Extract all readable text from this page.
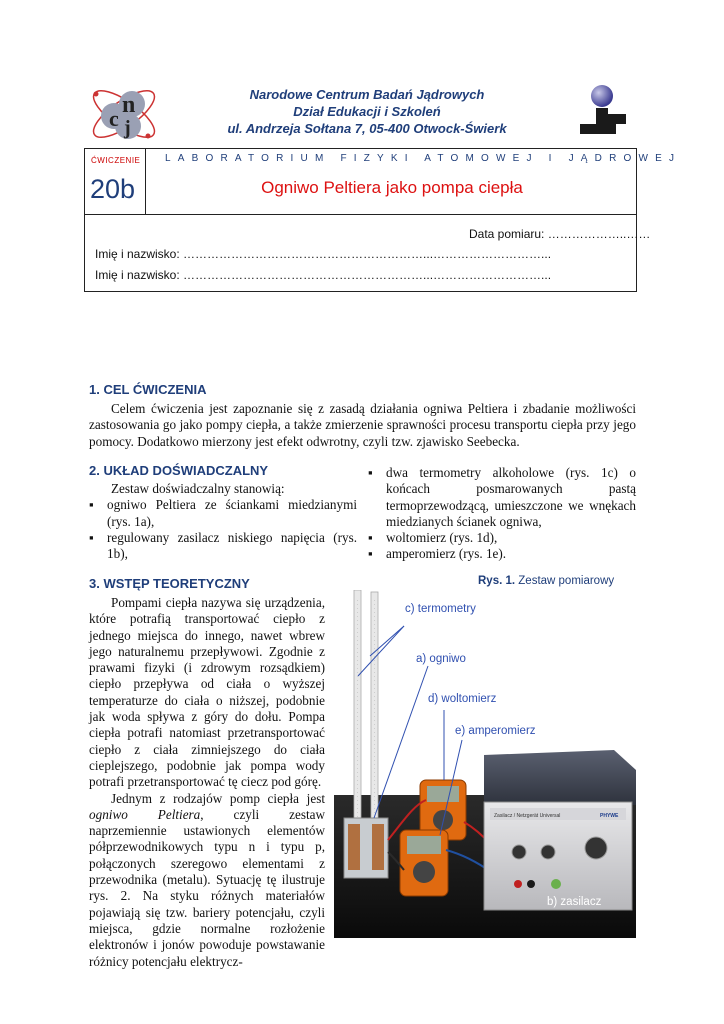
n
c j
Narodowe Centrum Badań Jądrowych
Dział Edukacji i Szkoleń
ul. Andrzeja Sołtana 7, 05-400 Otwock-Świerk
ĆWICZENIE
20b
LABORATORIUM FIZYKI ATOMOWEJ I JĄDROWEJ
Ogniwo Peltiera jako pompa ciepła
Data pomiaru: ………………..……
Imię i nazwisko: ……………………………………………………...………………………...
Imię i nazwisko: ……………………………………………………...………………………...
1. CEL ĆWICZENIA

Celem ćwiczenia jest zapoznanie się z zasadą działania ogniwa Peltiera i zbadanie możliwości zastosowania go jako pompy ciepła, a także zmierzenie sprawności procesu transportu ciepła przy jego pomocy. Dodatkowo mierzony jest efekt odwrotny, czyli tzw. zjawisko Seebecka.

2. UKŁAD DOŚWIADCZALNY

Zestaw doświadczalny stanowią:

▪ ogniwo Peltiera ze ściankami miedzianymi (rys. 1a),
▪ regulowany zasilacz niskiego napięcia (rys. 1b),
▪ dwa termometry alkoholowe (rys. 1c) o końcach posmarowanych pastą termoprzewodzącą, umieszczone we wnękach miedzianych ścianek ogniwa,
▪ woltomierz (rys. 1d),
▪ amperomierz (rys. 1e).
3. WSTĘP TEORETYCZNY

Pompami ciepła nazywa się urządzenia, które potrafią transportować ciepło z jednego miejsca do innego, nawet wbrew jego naturalnemu przepływowi. Zgodnie z prawami fizyki (i zdrowym rozsądkiem) ciepło przepływa od ciała o wyższej temperaturze do ciała o niższej, podobnie jak woda spływa z góry do dołu. Pompa ciepła potrafi natomiast przetransportować ciepło z ciała zimniejszego do ciała cieplejszego, podobnie jak pompa wody potrafi przetransportować tę ciecz pod górę.

Jednym z rodzajów pomp ciepła jest ogniwo Peltiera, czyli zestaw naprzemiennie ustawionych elementów półprzewodnikowych typu n i typu p, połączonych szeregowo elementami z przewodnika (metalu). Sytuację tę ilustruje rys. 2. Na styku różnych materiałów pojawiają się tzw. bariery potencjału, czyli miejsca, gdzie normalne rozłożenie elektronów i jonów powoduje powstawanie różnicy potencjału elektrycz-

Rys. 1. Zestaw pomiarowy
Zasilacz / Netzgerät Universal	PHYWE
c) termometry
a) ogniwo
d) woltomierz
e) amperomierz
b) zasilacz
